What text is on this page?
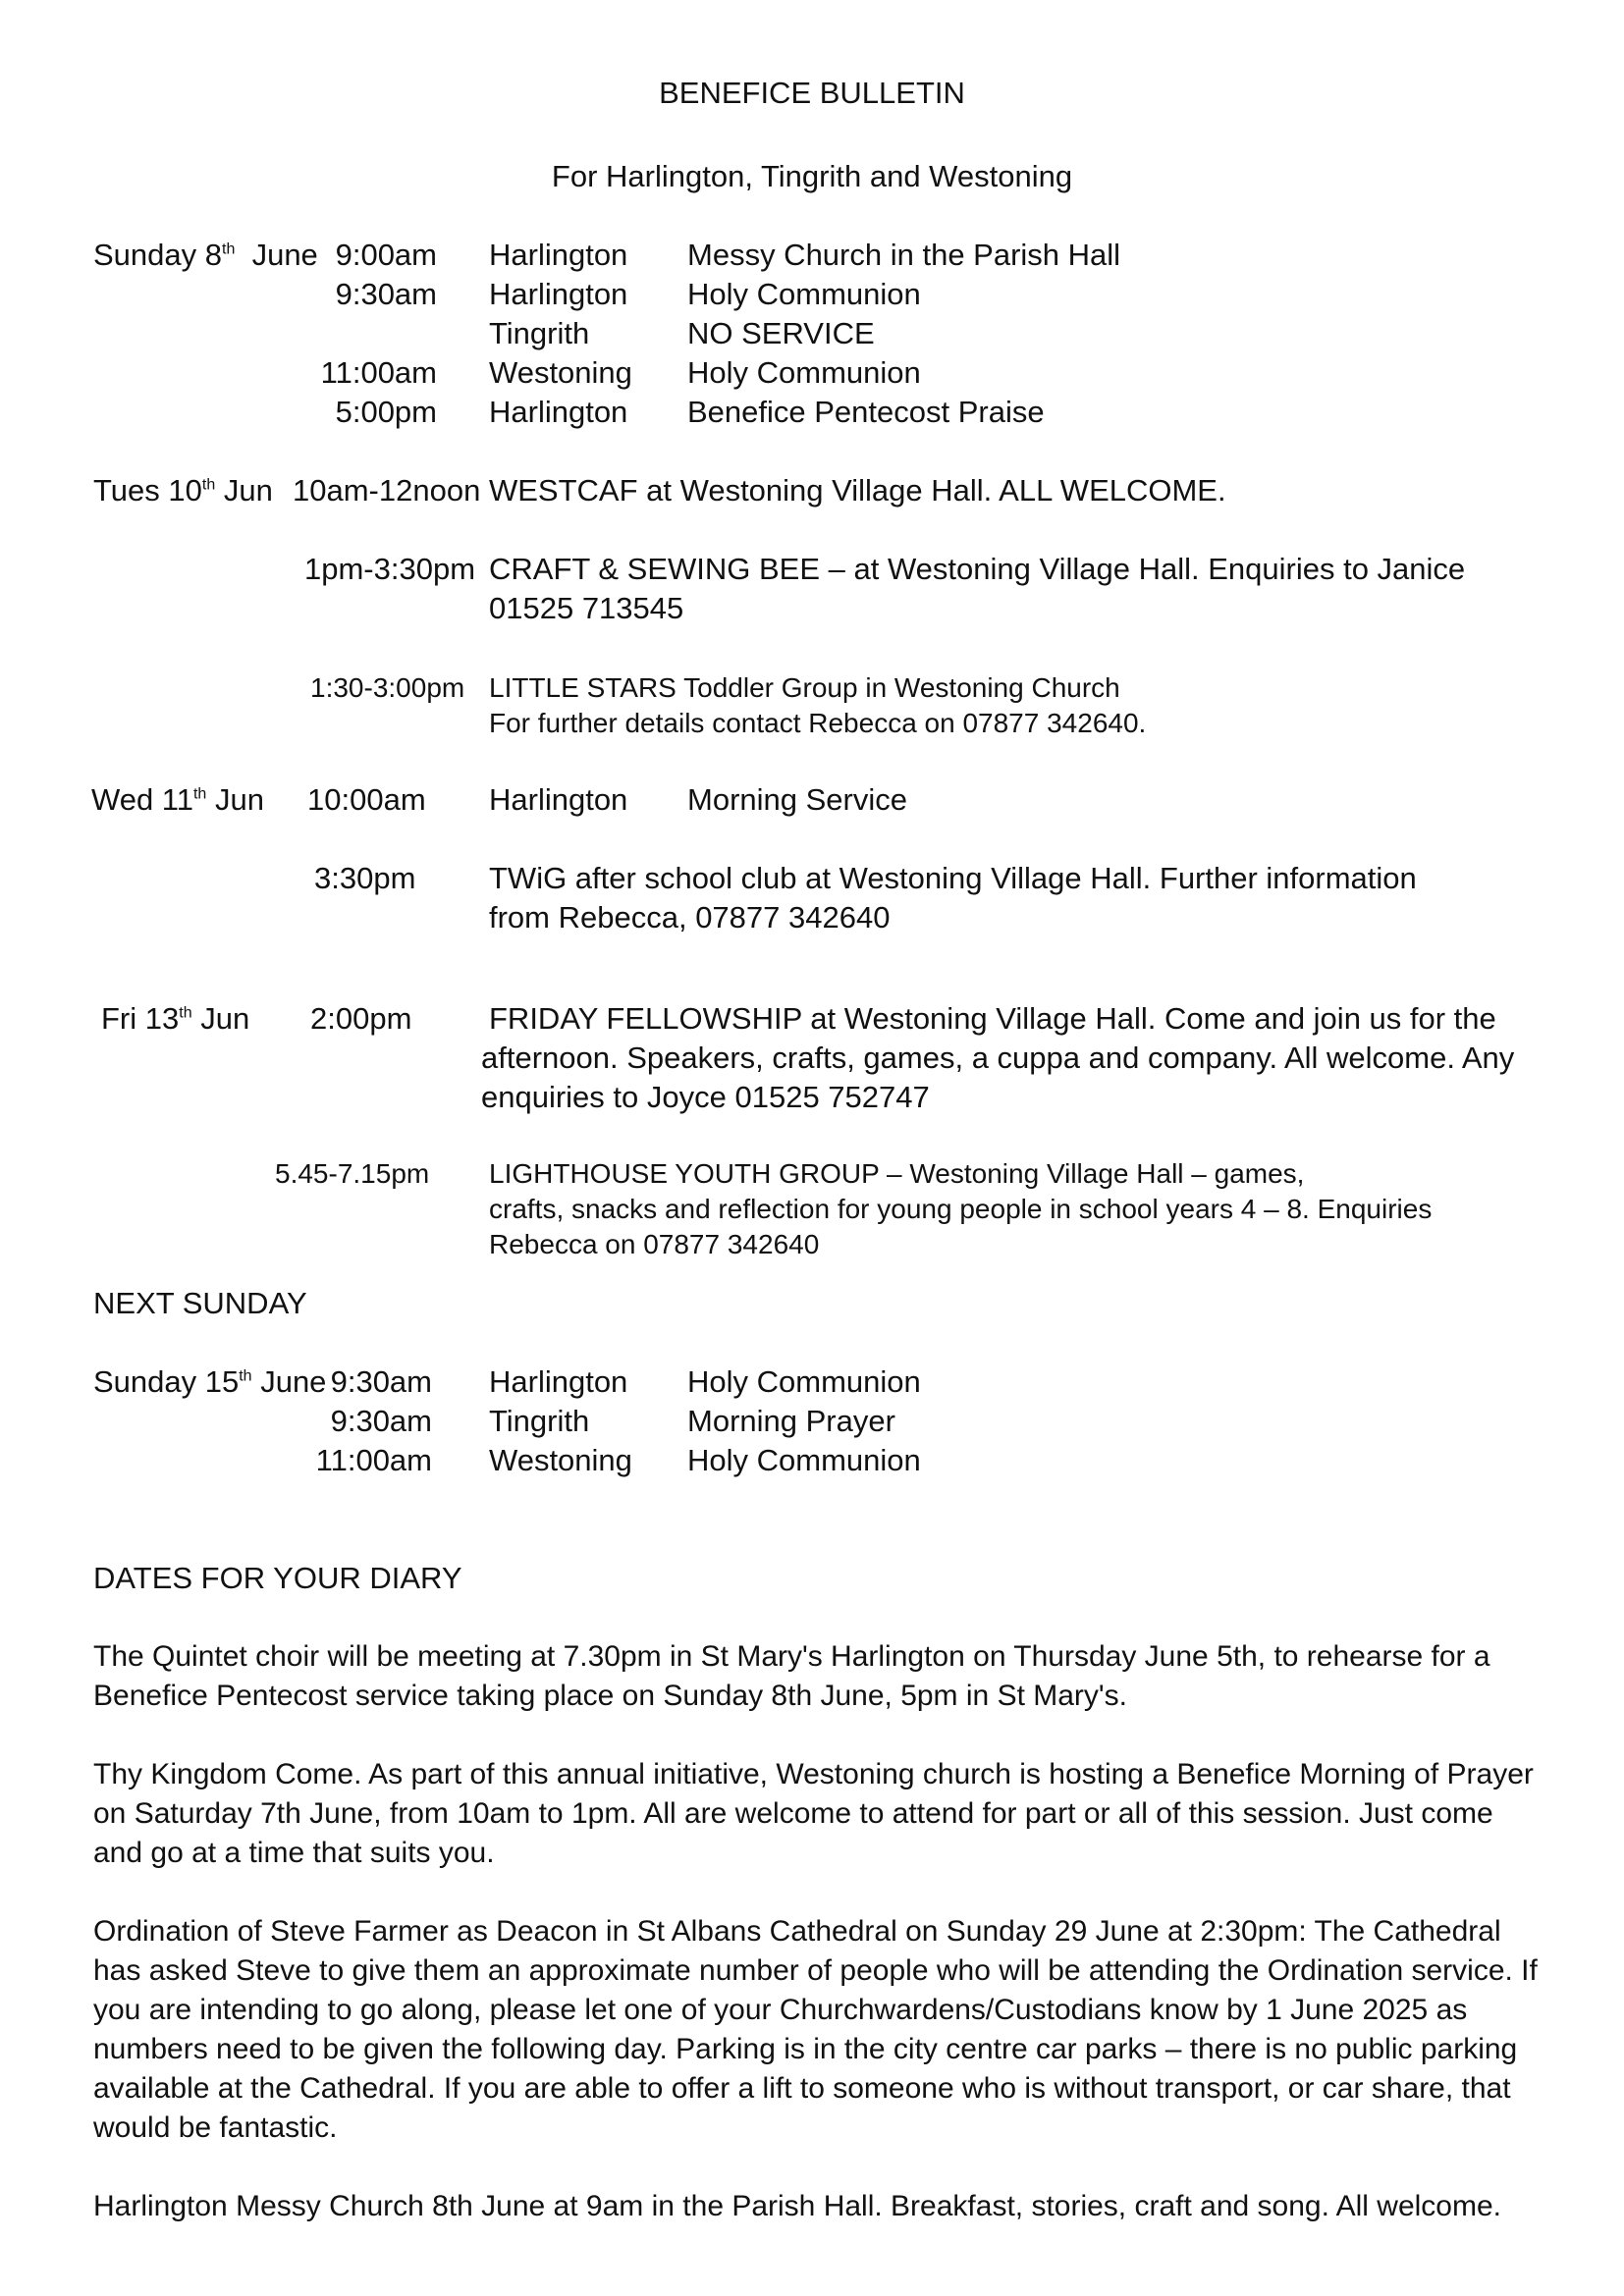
BENEFICE BULLETIN
For Harlington, Tingrith and Westoning
Sunday 8th June 9:00am Harlington Messy Church in the Parish Hall
9:30am Harlington Holy Communion
Tingrith	NO SERVICE
11:00am Westoning Holy Communion
5:00pm Harlington Benefice Pentecost Praise
Tues 10th Jun 10am-12noon WESTCAF at Westoning Village Hall. ALL WELCOME.
1pm-3:30pm CRAFT & SEWING BEE – at Westoning Village Hall. Enquiries to Janice
01525 713545
1:30-3:00pm LITTLE STARS Toddler Group in Westoning Church
For further details contact Rebecca on 07877 342640.
Wed 11th Jun 10:00am Harlington Morning Service
3:30pm TWiG after school club at Westoning Village Hall. Further information
from Rebecca, 07877 342640
Fri 13th Jun 2:00pm	FRIDAY FELLOWSHIP at Westoning Village Hall. Come and join us for the
afternoon. Speakers, crafts, games, a cuppa and company. All welcome. Any
enquiries to Joyce 01525 752747
5.45-7.15pm LIGHTHOUSE YOUTH GROUP – Westoning Village Hall – games,
crafts, snacks and reflection for young people in school years 4 – 8. Enquiries
Rebecca on 07877 342640
NEXT SUNDAY
Sunday 15th June 9:30am Harlington Holy Communion
9:30am Tingrith	Morning Prayer
11:00am Westoning Holy Communion
DATES FOR YOUR DIARY
The Quintet choir will be meeting at 7.30pm in St Mary's Harlington on Thursday June 5th, to rehearse for a Benefice Pentecost service taking place on Sunday 8th June, 5pm in St Mary's.
Thy Kingdom Come. As part of this annual initiative, Westoning church is hosting a Benefice Morning of Prayer on Saturday 7th June, from 10am to 1pm. All are welcome to attend for part or all of this session. Just come and go at a time that suits you.
Ordination of Steve Farmer as Deacon in St Albans Cathedral on Sunday 29 June at 2:30pm: The Cathedral has asked Steve to give them an approximate number of people who will be attending the Ordination service. If you are intending to go along, please let one of your Churchwardens/Custodians know by 1 June 2025 as numbers need to be given the following day. Parking is in the city centre car parks – there is no public parking available at the Cathedral. If you are able to offer a lift to someone who is without transport, or car share, that would be fantastic.
Harlington Messy Church 8th June at 9am in the Parish Hall. Breakfast, stories, craft and song. All welcome.
